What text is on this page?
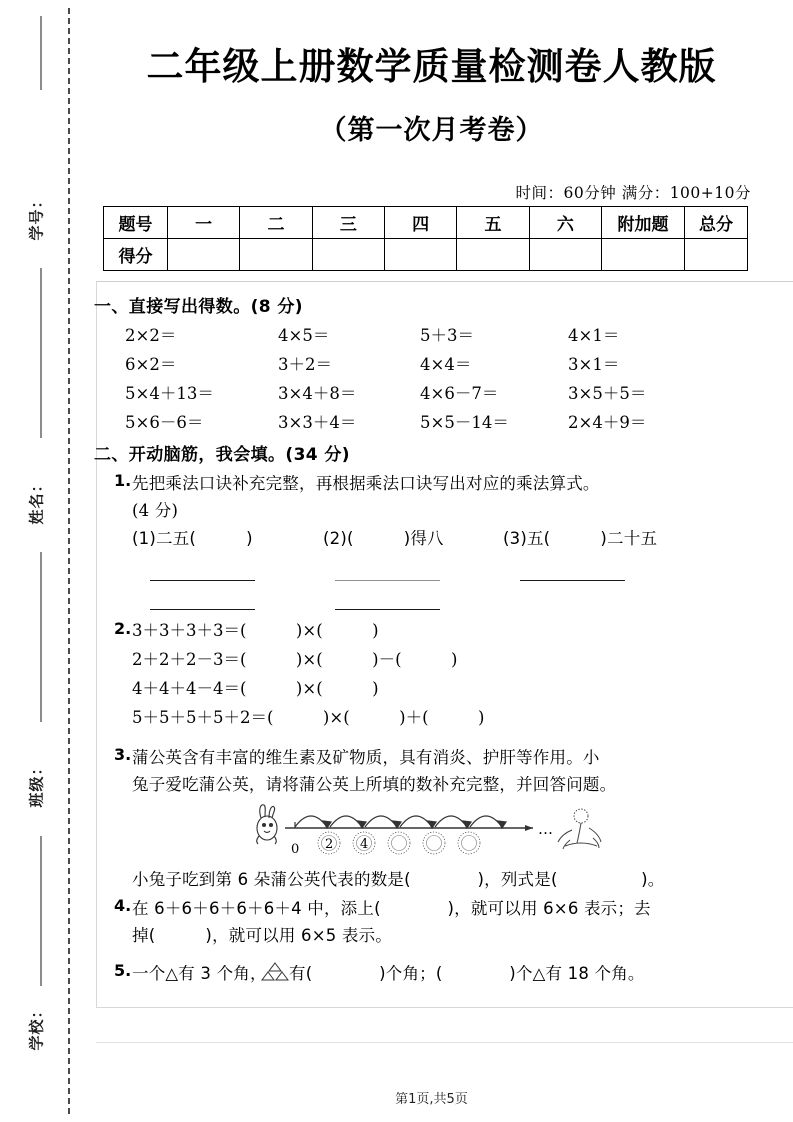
学号：
姓名：
班级：
学校：
二年级上册数学质量检测卷人教版
（第一次月考卷）
时间：60分钟 满分：100+10分
题号	一	二	三	四	五	六	附加题	总分
得分								
一、直接写出得数。(8 分)
2×2＝	4×5＝	5＋3＝	4×1＝
6×2＝	3＋2＝	4×4＝	3×1＝
5×4＋13＝	3×4＋8＝	4×6－7＝	3×5＋5＝
5×6－6＝	3×3＋4＝	5×5－14＝	2×4＋9＝
二、开动脑筋，我会填。(34 分)
1. 先把乘法口诀补充完整，再根据乘法口诀写出对应的乘法算式。
(4 分)
(1)二五(　　　)	(2)(　　　)得八	(3)五(　　　)二十五
2. 3＋3＋3＋3＝(　　　)×(　　　)
2＋2＋2－3＝(　　　)×(　　　)－(　　　)
4＋4＋4－4＝(　　　)×(　　　)
5＋5＋5＋5＋2＝(　　　)×(　　　)＋(　　　)
3. 蒲公英含有丰富的维生素及矿物质，具有消炎、护肝等作用。小
兔子爱吃蒲公英，请将蒲公英上所填的数补充完整，并回答问题。
0 2 4
…
小兔子吃到第 6 朵蒲公英代表的数是(　　　　)，列式是(　　　　　)。
4. 在 6＋6＋6＋6＋6＋4 中，添上(　　　　)，就可以用 6×6 表示；去
掉(　　　)，就可以用 6×5 表示。
5. 一个△有 3 个角， 有(　　　　)个角；(　　　　)个△有 18 个角。
第1页,共5页
